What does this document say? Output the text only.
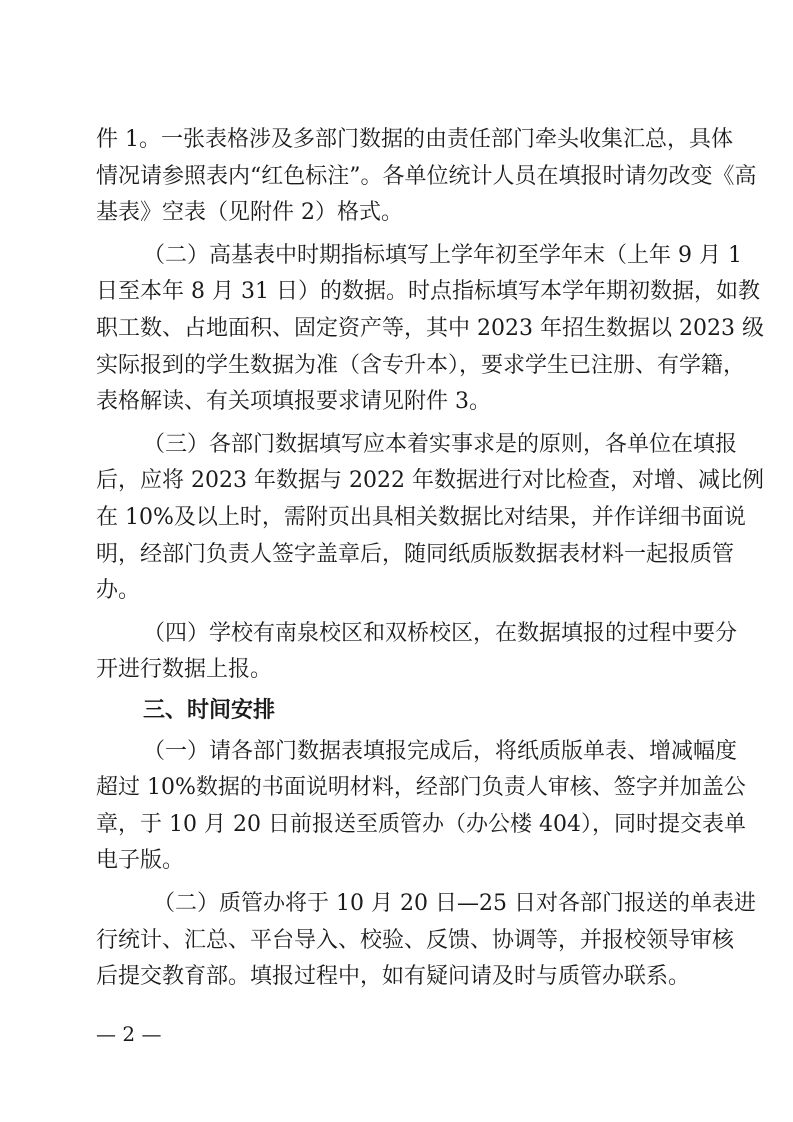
件 1。一张表格涉及多部门数据的由责任部门牵头收集汇总，具体
情况请参照表内“红色标注”。各单位统计人员在填报时请勿改变《高
基表》空表（见附件 2）格式。
（二）高基表中时期指标填写上学年初至学年末（上年 9 月 1
日至本年 8 月 31 日）的数据。时点指标填写本学年期初数据，如教
职工数、占地面积、固定资产等，其中 2023 年招生数据以 2023 级
实际报到的学生数据为准（含专升本），要求学生已注册、有学籍，
表格解读、有关项填报要求请见附件 3。
（三）各部门数据填写应本着实事求是的原则，各单位在填报
后，应将 2023 年数据与 2022 年数据进行对比检查，对增、减比例
在 10%及以上时，需附页出具相关数据比对结果，并作详细书面说
明，经部门负责人签字盖章后，随同纸质版数据表材料一起报质管
办。
（四）学校有南泉校区和双桥校区，在数据填报的过程中要分
开进行数据上报。
三、时间安排
（一）请各部门数据表填报完成后，将纸质版单表、增减幅度
超过 10%数据的书面说明材料，经部门负责人审核、签字并加盖公
章，于 10 月 20 日前报送至质管办（办公楼 404），同时提交表单
电子版。
（二）质管办将于 10 月 20 日—25 日对各部门报送的单表进
行统计、汇总、平台导入、校验、反馈、协调等，并报校领导审核
后提交教育部。填报过程中，如有疑问请及时与质管办联系。
— 2 —
